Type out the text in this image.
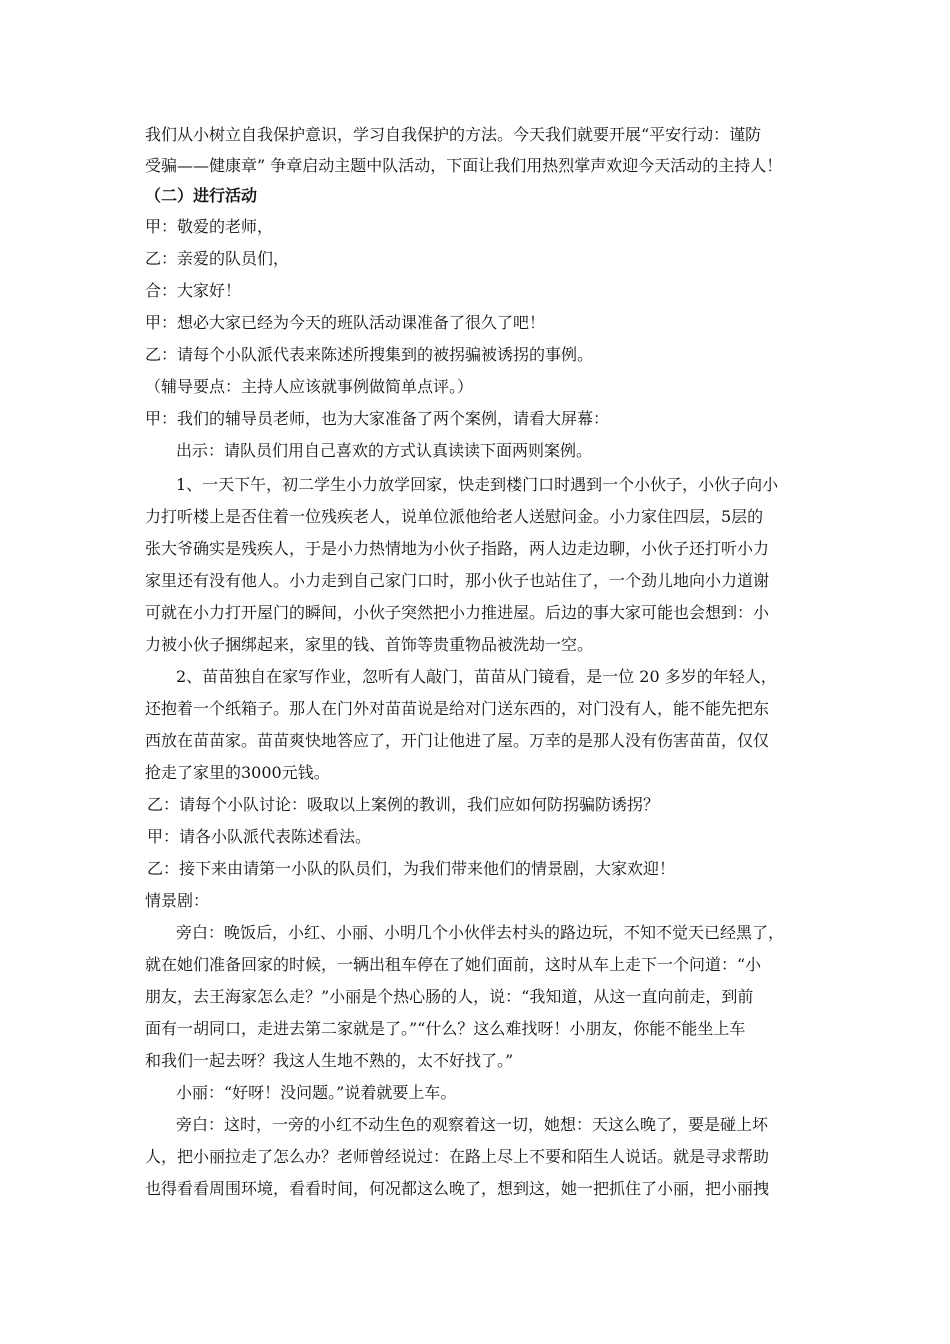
我们从小树立自我保护意识，学习自我保护的方法。今天我们就要开展“平安行动：谨防
受骗——健康章” 争章启动主题中队活动，下面让我们用热烈掌声欢迎今天活动的主持人！
（二）进行活动
甲：敬爱的老师，
乙：亲爱的队员们，
合：大家好！
甲：想必大家已经为今天的班队活动课准备了很久了吧！
乙：请每个小队派代表来陈述所搜集到的被拐骗被诱拐的事例。
（辅导要点：主持人应该就事例做简单点评。）
甲：我们的辅导员老师，也为大家准备了两个案例，请看大屏幕：
出示：请队员们用自己喜欢的方式认真读读下面两则案例。
1、一天下午，初二学生小力放学回家，快走到楼门口时遇到一个小伙子，小伙子向小
力打听楼上是否住着一位残疾老人，说单位派他给老人送慰问金。小力家住四层，5层的
张大爷确实是残疾人，于是小力热情地为小伙子指路，两人边走边聊，小伙子还打听小力
家里还有没有他人。小力走到自己家门口时，那小伙子也站住了，一个劲儿地向小力道谢
可就在小力打开屋门的瞬间，小伙子突然把小力推进屋。后边的事大家可能也会想到：小
力被小伙子捆绑起来，家里的钱、首饰等贵重物品被洗劫一空。
2、苗苗独自在家写作业，忽听有人敲门，苗苗从门镜看，是一位 20 多岁的年轻人，
还抱着一个纸箱子。那人在门外对苗苗说是给对门送东西的，对门没有人，能不能先把东
西放在苗苗家。苗苗爽快地答应了，开门让他进了屋。万幸的是那人没有伤害苗苗，仅仅
抢走了家里的3000元钱。
乙：请每个小队讨论：吸取以上案例的教训，我们应如何防拐骗防诱拐？
甲：请各小队派代表陈述看法。
乙：接下来由请第一小队的队员们，为我们带来他们的情景剧，大家欢迎！
情景剧：
旁白：晚饭后，小红、小丽、小明几个小伙伴去村头的路边玩，不知不觉天已经黑了，
就在她们准备回家的时候，一辆出租车停在了她们面前，这时从车上走下一个问道：“小
朋友，去王海家怎么走？”小丽是个热心肠的人，说：“我知道，从这一直向前走，到前
面有一胡同口，走进去第二家就是了。”“什么？这么难找呀！小朋友，你能不能坐上车
和我们一起去呀？我这人生地不熟的，太不好找了。”
小丽：“好呀！没问题。”说着就要上车。
旁白：这时，一旁的小红不动生色的观察着这一切，她想：天这么晚了，要是碰上坏
人，把小丽拉走了怎么办？老师曾经说过：在路上尽上不要和陌生人说话。就是寻求帮助
也得看看周围环境，看看时间，何况都这么晚了，想到这，她一把抓住了小丽，把小丽拽
